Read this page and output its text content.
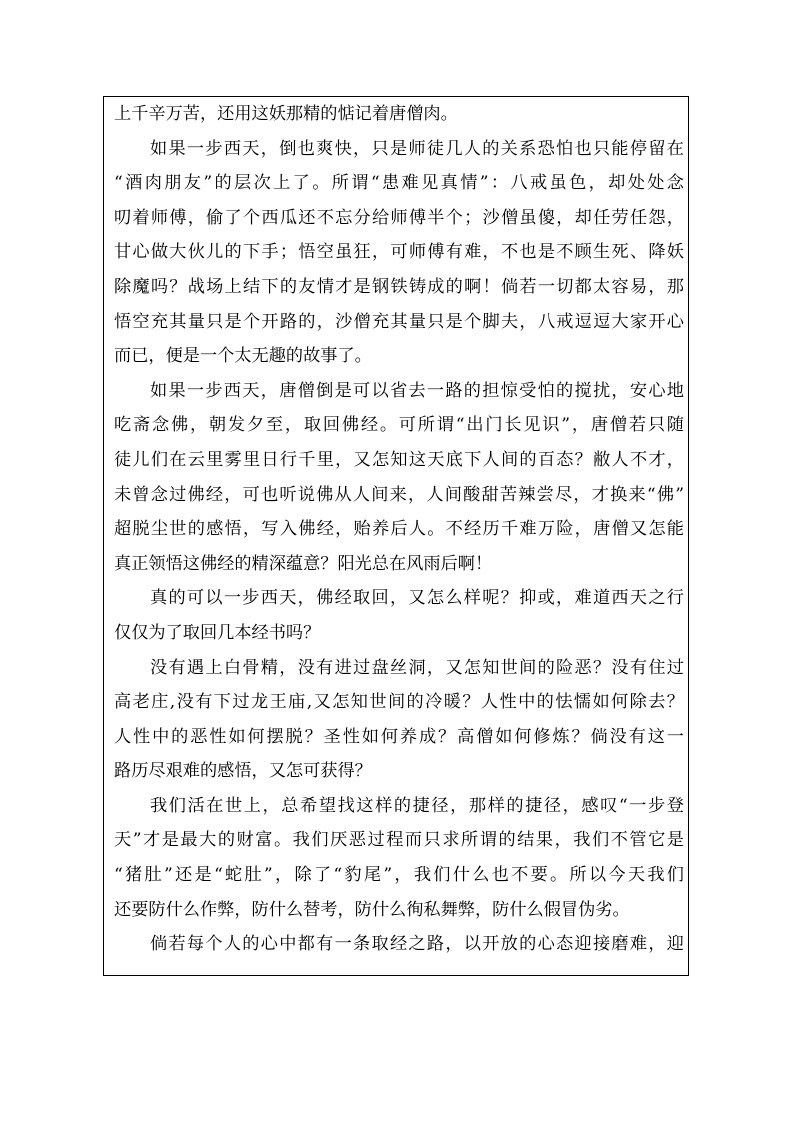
上千辛万苦，还用这妖那精的惦记着唐僧肉。
如果一步西天，倒也爽快，只是师徒几人的关系恐怕也只能停留在
“酒肉朋友”的层次上了。所谓“患难见真情”：八戒虽色，却处处念
叨着师傅，偷了个西瓜还不忘分给师傅半个；沙僧虽傻，却任劳任怨，
甘心做大伙儿的下手；悟空虽狂，可师傅有难，不也是不顾生死、降妖
除魔吗？战场上结下的友情才是钢铁铸成的啊！倘若一切都太容易，那
悟空充其量只是个开路的，沙僧充其量只是个脚夫，八戒逗逗大家开心
而已，便是一个太无趣的故事了。
如果一步西天，唐僧倒是可以省去一路的担惊受怕的搅扰，安心地
吃斋念佛，朝发夕至，取回佛经。可所谓“出门长见识”，唐僧若只随
徒儿们在云里雾里日行千里，又怎知这天底下人间的百态？敝人不才，
未曾念过佛经，可也听说佛从人间来，人间酸甜苦辣尝尽，才换来“佛”
超脱尘世的感悟，写入佛经，贻养后人。不经历千难万险，唐僧又怎能
真正领悟这佛经的精深蕴意？阳光总在风雨后啊！
真的可以一步西天，佛经取回，又怎么样呢？抑或，难道西天之行
仅仅为了取回几本经书吗？
没有遇上白骨精，没有进过盘丝洞，又怎知世间的险恶？没有住过
高老庄,没有下过龙王庙,又怎知世间的冷暖？人性中的怯懦如何除去？
人性中的恶性如何摆脱？圣性如何养成？高僧如何修炼？倘没有这一
路历尽艰难的感悟，又怎可获得？
我们活在世上，总希望找这样的捷径，那样的捷径，感叹“一步登
天”才是最大的财富。我们厌恶过程而只求所谓的结果，我们不管它是
“猪肚”还是“蛇肚”，除了“豹尾”，我们什么也不要。所以今天我们
还要防什么作弊，防什么替考，防什么徇私舞弊，防什么假冒伪劣。
倘若每个人的心中都有一条取经之路，以开放的心态迎接磨难，迎
